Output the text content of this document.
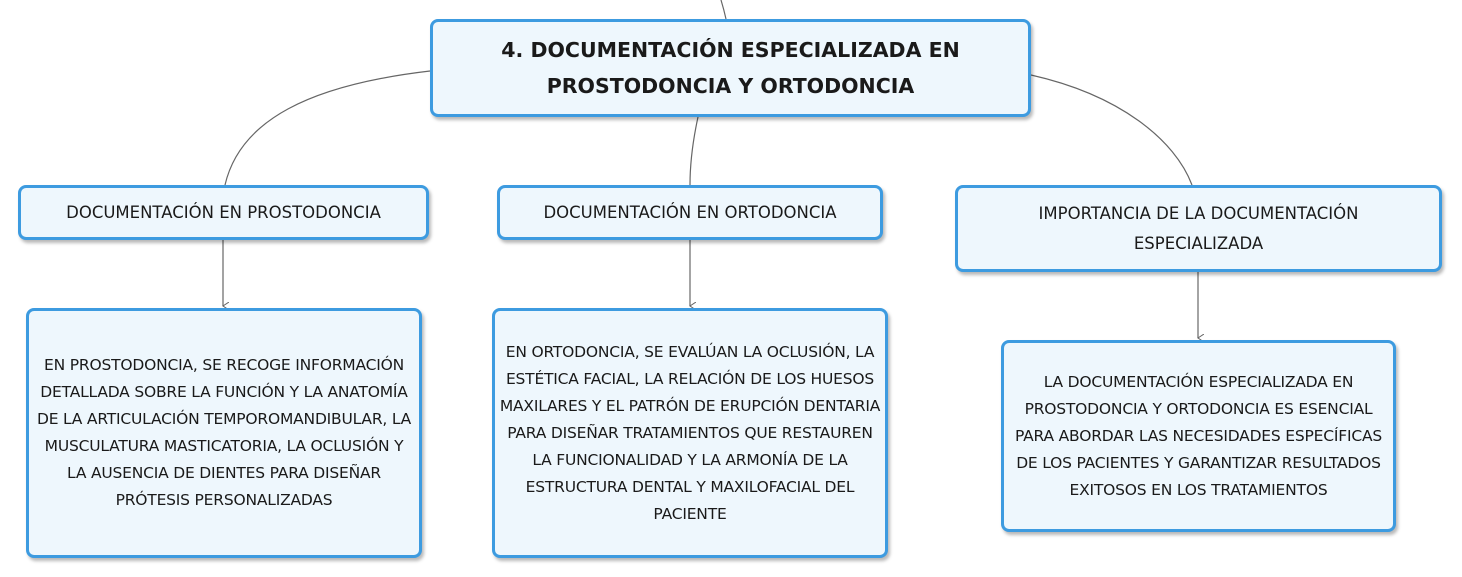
4. DOCUMENTACIÓN ESPECIALIZADA EN PROSTODONCIA Y ORTODONCIA
DOCUMENTACIÓN EN PROSTODONCIA	DOCUMENTACIÓN EN ORTODONCIA	IMPORTANCIA DE LA DOCUMENTACIÓN ESPECIALIZADA
EN PROSTODONCIA, SE RECOGE INFORMACIÓN DETALLADA SOBRE LA FUNCIÓN Y LA ANATOMÍA DE LA ARTICULACIÓN TEMPOROMANDIBULAR, LA MUSCULATURA MASTICATORIA, LA OCLUSIÓN Y LA AUSENCIA DE DIENTES PARA DISEÑAR PRÓTESIS PERSONALIZADAS
EN ORTODONCIA, SE EVALÚAN LA OCLUSIÓN, LA ESTÉTICA FACIAL, LA RELACIÓN DE LOS HUESOS MAXILARES Y EL PATRÓN DE ERUPCIÓN DENTARIA PARA DISEÑAR TRATAMIENTOS QUE RESTAUREN LA FUNCIONALIDAD Y LA ARMONÍA DE LA ESTRUCTURA DENTAL Y MAXILOFACIAL DEL PACIENTE
LA DOCUMENTACIÓN ESPECIALIZADA EN PROSTODONCIA Y ORTODONCIA ES ESENCIAL PARA ABORDAR LAS NECESIDADES ESPECÍFICAS DE LOS PACIENTES Y GARANTIZAR RESULTADOS EXITOSOS EN LOS TRATAMIENTOS
